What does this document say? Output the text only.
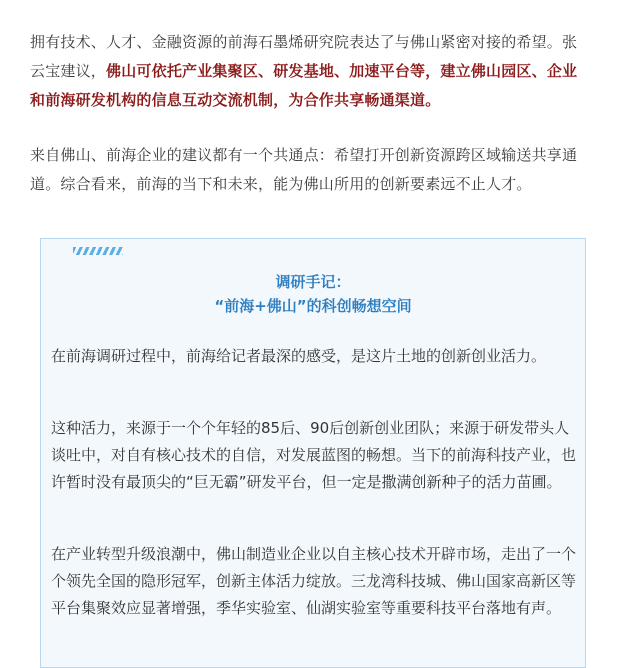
拥有技术、人才、金融资源的前海石墨烯研究院表达了与佛山紧密对接的希望。张云宝建议，佛山可依托产业集聚区、研发基地、加速平台等，建立佛山园区、企业和前海研发机构的信息互动交流机制，为合作共享畅通渠道。

来自佛山、前海企业的建议都有一个共通点：希望打开创新资源跨区域输送共享通道。综合看来，前海的当下和未来，能为佛山所用的创新要素远不止人才。

调研手记：

“前海+佛山”的科创畅想空间

在前海调研过程中，前海给记者最深的感受，是这片土地的创新创业活力。

这种活力，来源于一个个年轻的85后、90后创新创业团队；来源于研发带头人谈吐中，对自有核心技术的自信，对发展蓝图的畅想。当下的前海科技产业，也许暂时没有最顶尖的“巨无霸”研发平台，但一定是撒满创新种子的活力苗圃。

在产业转型升级浪潮中，佛山制造业企业以自主核心技术开辟市场，走出了一个个领先全国的隐形冠军，创新主体活力绽放。三龙湾科技城、佛山国家高新区等平台集聚效应显著增强，季华实验室、仙湖实验室等重要科技平台落地有声。
